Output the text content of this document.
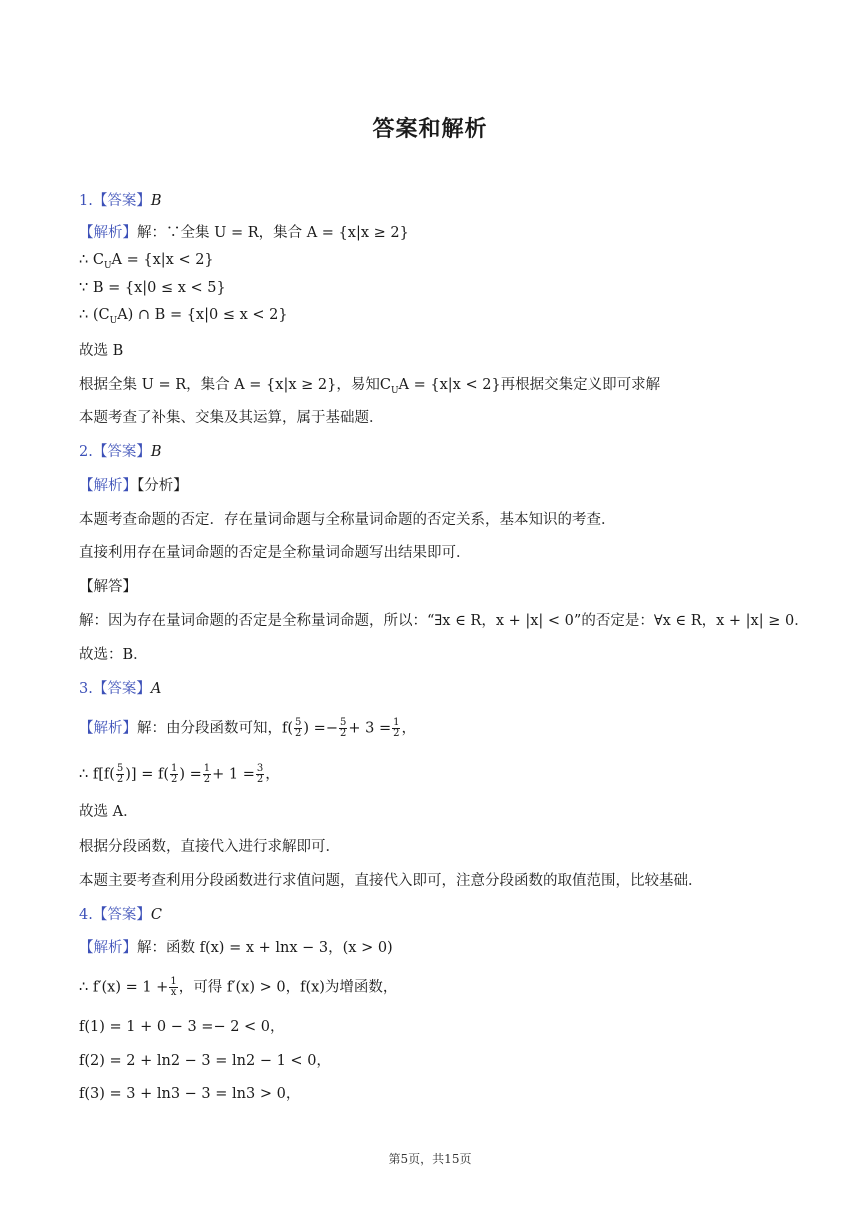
答案和解析
1.【答案】B
【解析】解：∵全集 U = R，集合 A = {x|x ≥ 2}
∴ $C_UA = \{x|x < 2\}$
∵ B = {x|0 ≤ x < 5}
∴ $(C_UA)$ ∩ B = {x|0 ≤ x < 2}
故选 B
根据全集 U = R，集合 A = {x|x ≥ 2}，易知$C_UA = \{x|x < 2\}$再根据交集定义即可求解
本题考查了补集、交集及其运算，属于基础题．
2.【答案】B
【解析】【分析】
本题考查命题的否定．存在量词命题与全称量词命题的否定关系，基本知识的考查．
直接利用存在量词命题的否定是全称量词命题写出结果即可．
【解答】
解：因为存在量词命题的否定是全称量词命题，所以：“∃x ∈ R，x + |x| < 0”的否定是：∀x ∈ R，x + |x| ≥ 0．
故选：B．
3.【答案】A
【解析】解：由分段函数可知，$f( \frac{5}{2}$ ) =− $\frac{5}{2} + 3 = \frac{1}{2}$ ，
∴ $f[f( \frac{5}{2}$ )] = $f( \frac{1}{2}$ ) = $\frac{1}{2} + 1 = \frac{3}{2}$ ，
故选 A．
根据分段函数，直接代入进行求解即可．
本题主要考查利用分段函数进行求值问题，直接代入即可，注意分段函数的取值范围，比较基础．
4.【答案】C
【解析】解：函数 f(x) = x + lnx − 3，(x > 0)
∴ $f'(x) = 1 + \frac{1}{x}$ ，可得 f′(x) > 0，f(x)为增函数，
f(1) = 1 + 0 − 3 =− 2 < 0，
f(2) = 2 + ln2 − 3 = ln2 − 1 < 0，
f(3) = 3 + ln3 − 3 = ln3 > 0，
第5页，共15页
